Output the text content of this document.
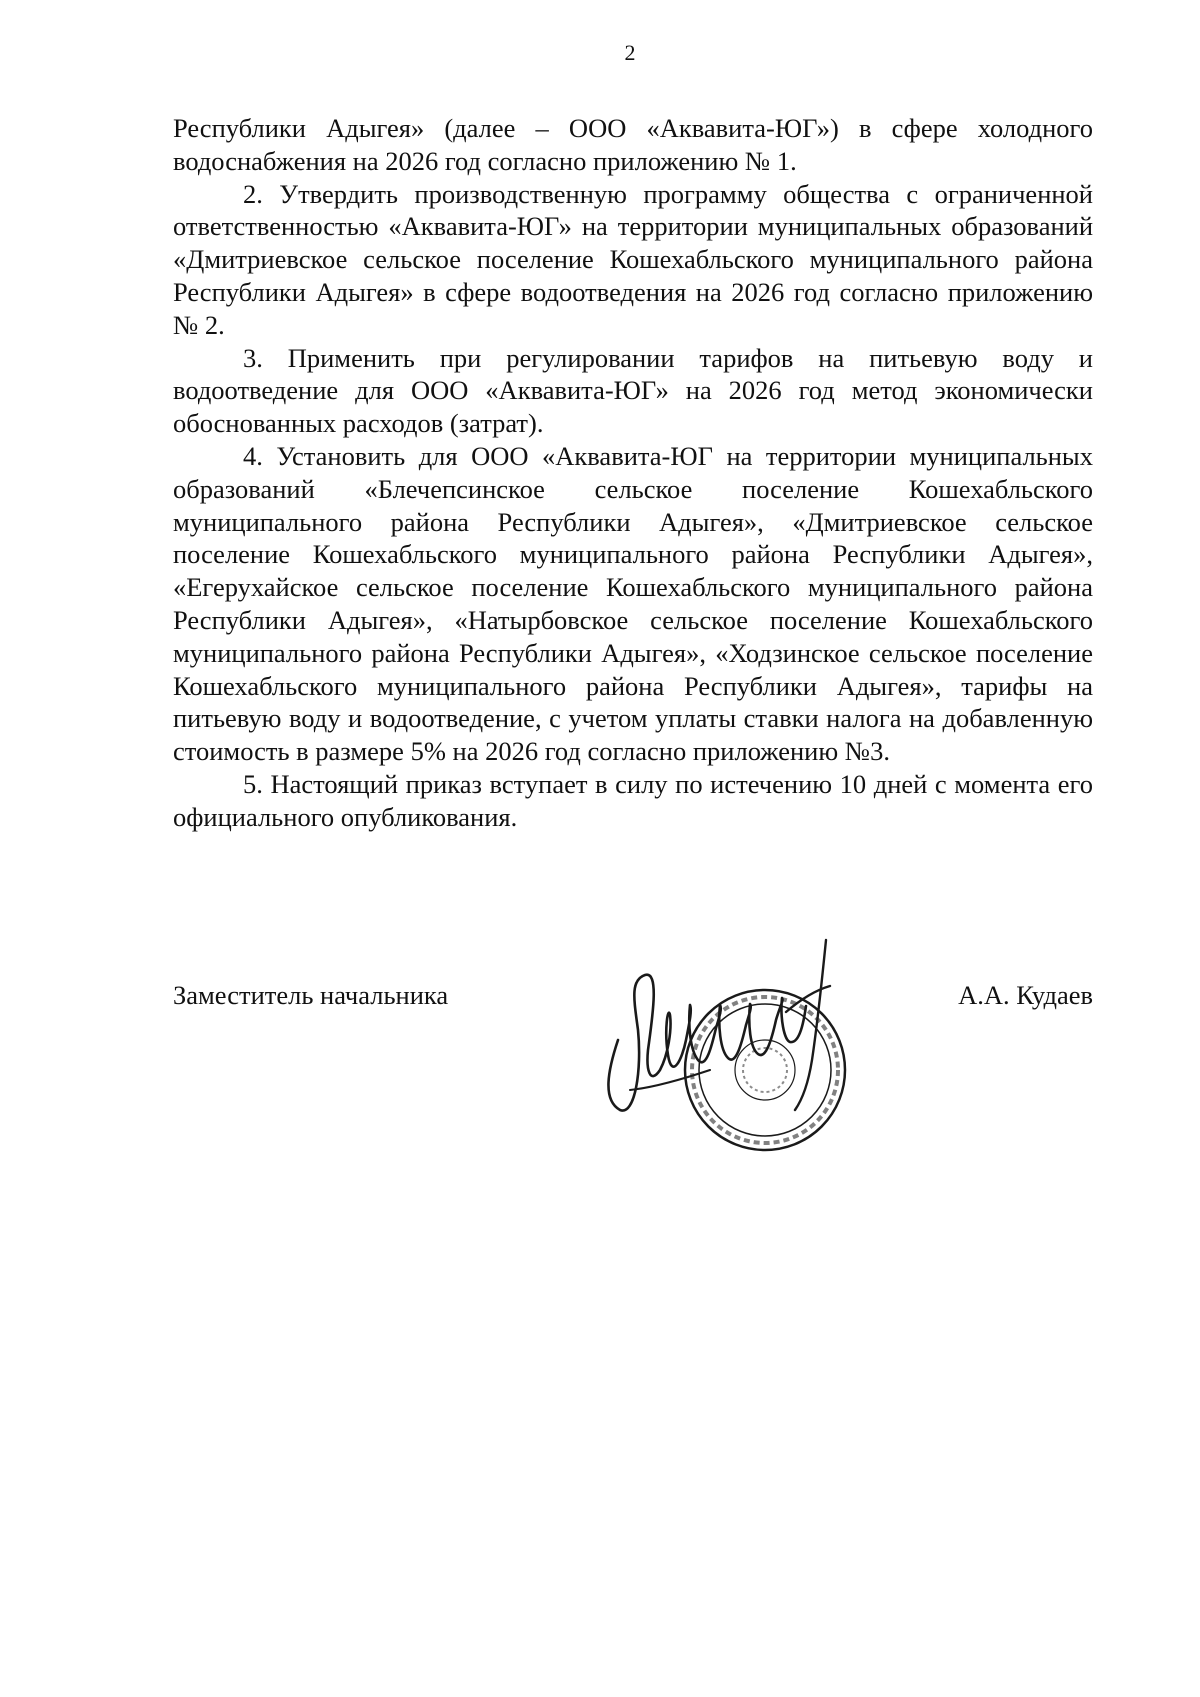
2

Республики Адыгея» (далее – ООО «Аквавита-ЮГ») в сфере холодного водоснабжения на 2026 год согласно приложению № 1.

2. Утвердить производственную программу общества с ограниченной ответственностью «Аквавита-ЮГ» на территории муниципальных образований «Дмитриевское сельское поселение Кошехабльского муниципального района Республики Адыгея» в сфере водоотведения на 2026 год согласно приложению № 2.

3. Применить при регулировании тарифов на питьевую воду и водоотведение для ООО «Аквавита-ЮГ» на 2026 год метод экономически обоснованных расходов (затрат).

4. Установить для ООО «Аквавита-ЮГ на территории муниципальных образований «Блечепсинское сельское поселение Кошехабльского муниципального района Республики Адыгея», «Дмитриевское сельское поселение Кошехабльского муниципального района Республики Адыгея», «Егерухайское сельское поселение Кошехабльского муниципального района Республики Адыгея», «Натырбовское сельское поселение Кошехабльского муниципального района Республики Адыгея», «Ходзинское сельское поселение Кошехабльского муниципального района Республики Адыгея», тарифы на питьевую воду и водоотведение, с учетом уплаты ставки налога на добавленную стоимость в размере 5% на 2026 год согласно приложению №3.

5. Настоящий приказ вступает в силу по истечению 10 дней с момента его официального опубликования.

Заместитель начальника	А.А. Кудаев
